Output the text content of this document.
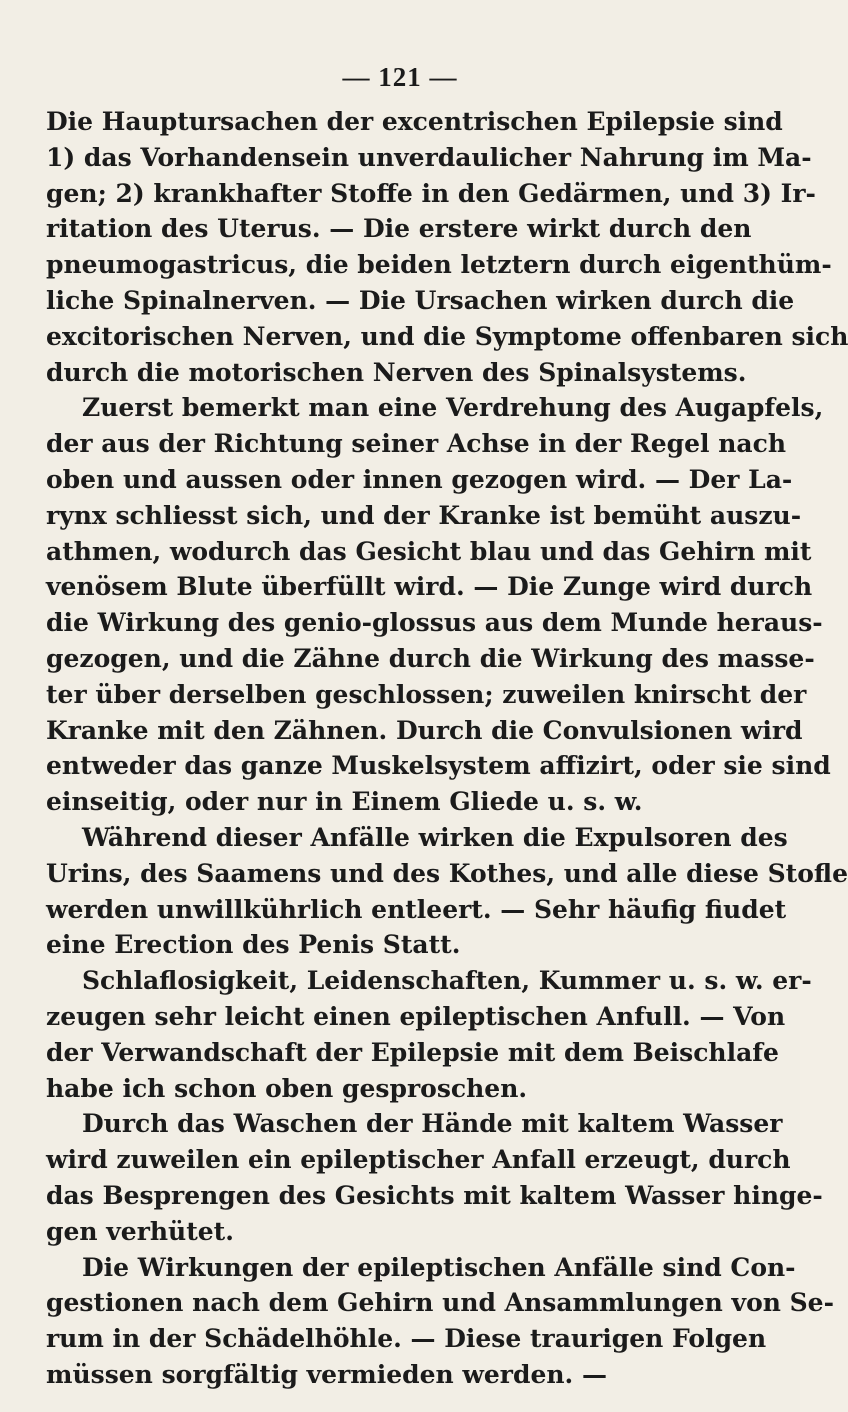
— 121 —
Die Hauptursachen der excentrischen Epilepsie sind
1) das Vorhandensein unverdaulicher Nahrung im Ma-
gen; 2) krankhafter Stoffe in den Gedärmen, und 3) Ir-
ritation des Uterus. — Die erstere wirkt durch den
pneumogastricus, die beiden letztern durch eigenthüm-
liche Spinalnerven. — Die Ursachen wirken durch die
excitorischen Nerven, und die Symptome offenbaren sich
durch die motorischen Nerven des Spinalsystems.
Zuerst bemerkt man eine Verdrehung des Augapfels,
der aus der Richtung seiner Achse in der Regel nach
oben und aussen oder innen gezogen wird. — Der La-
rynx schliesst sich, und der Kranke ist bemüht auszu-
athmen, wodurch das Gesicht blau und das Gehirn mit
venösem Blute überfüllt wird. — Die Zunge wird durch
die Wirkung des genio-glossus aus dem Munde heraus-
gezogen, und die Zähne durch die Wirkung des masse-
ter über derselben geschlossen; zuweilen knirscht der
Kranke mit den Zähnen. Durch die Convulsionen wird
entweder das ganze Muskelsystem affizirt, oder sie sind
einseitig, oder nur in Einem Gliede u. s. w.
Während dieser Anfälle wirken die Expulsoren des
Urins, des Saamens und des Kothes, und alle diese Stofle
werden unwillkührlich entleert. — Sehr häufig fiudet
eine Erection des Penis Statt.
Schlaflosigkeit, Leidenschaften, Kummer u. s. w. er-
zeugen sehr leicht einen epileptischen Anfull. — Von
der Verwandschaft der Epilepsie mit dem Beischlafe
habe ich schon oben gesproschen.
Durch das Waschen der Hände mit kaltem Wasser
wird zuweilen ein epileptischer Anfall erzeugt, durch
das Besprengen des Gesichts mit kaltem Wasser hinge-
gen verhütet.
Die Wirkungen der epileptischen Anfälle sind Con-
gestionen nach dem Gehirn und Ansammlungen von Se-
rum in der Schädelhöhle. — Diese traurigen Folgen
müssen sorgfältig vermieden werden. —
